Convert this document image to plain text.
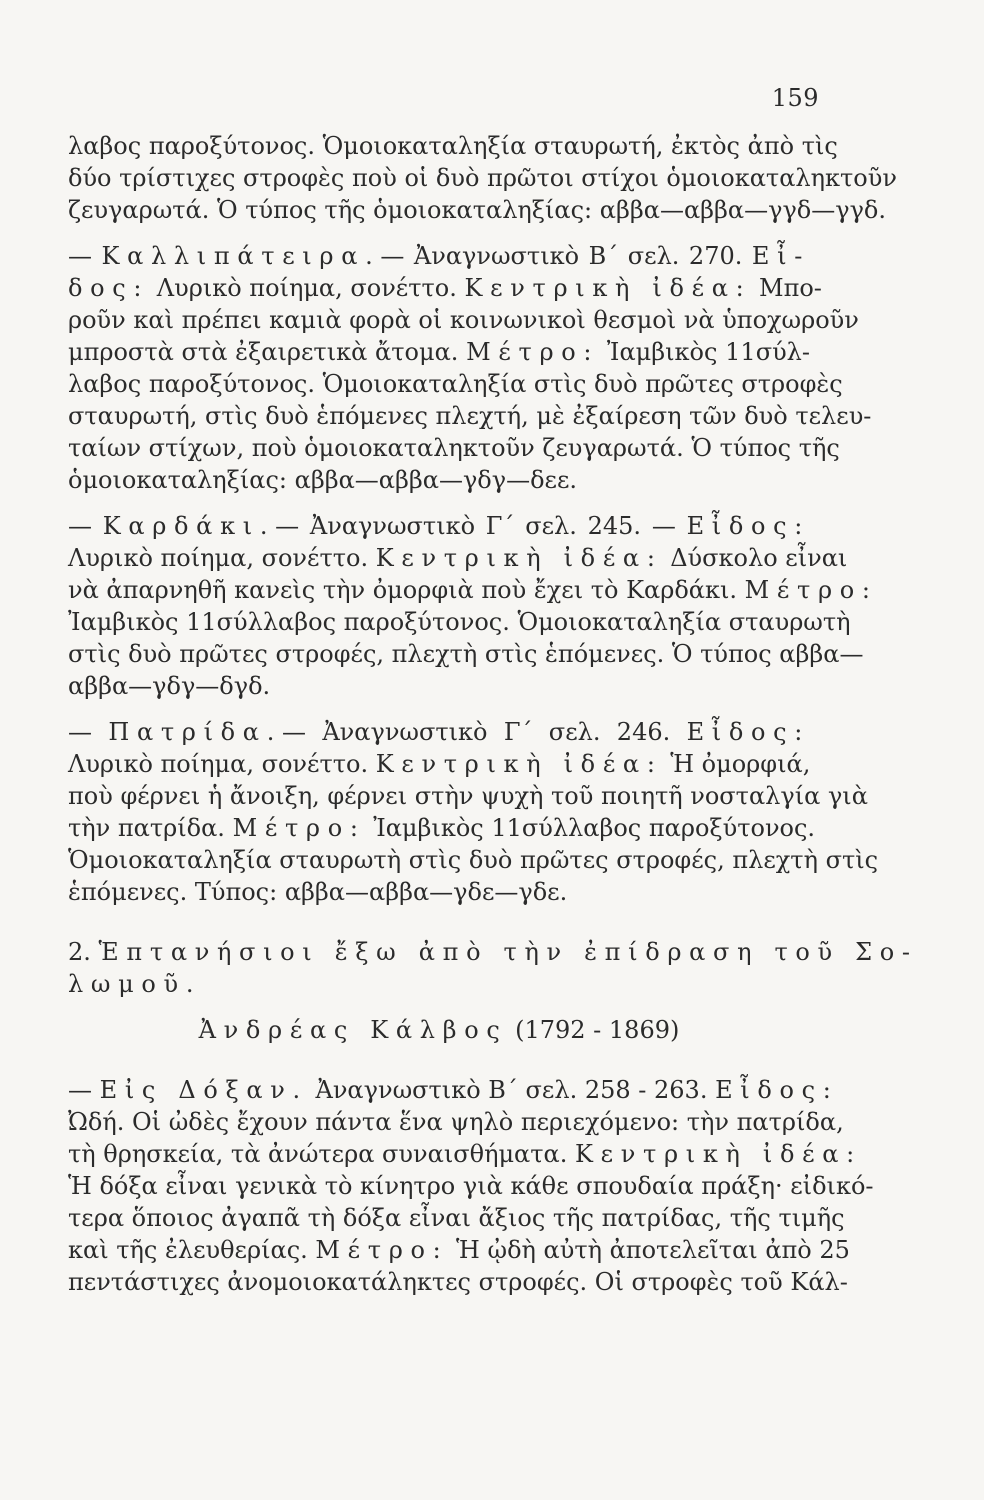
159
λαβος παροξύτονος. Ὁμοιοκαταληξία σταυρωτή, ἐκτὸς ἀπὸ τὶς
δύο τρίστιχες στροφὲς ποὺ οἱ δυὸ πρῶτοι στίχοι ὁμοιοκαταληκτοῦν
ζευγαρωτά. Ὁ τύπος τῆς ὁμοιοκαταληξίας: αββα—αββα—γγδ—γγδ.
— Καλλιπάτειρα.— Ἀναγνωστικὸ Β΄ σελ. 270. Εἶ-
δος: Λυρικὸ ποίημα, σονέττο. Κεντρικὴ ἰδέα: Μπο-
ροῦν καὶ πρέπει καμιὰ φορὰ οἱ κοινωνικοὶ θεσμοὶ νὰ ὑποχωροῦν
μπροστὰ στὰ ἐξαιρετικὰ ἄτομα. Μέτρο: Ἰαμβικὸς 11σύλ-
λαβος παροξύτονος. Ὁμοιοκαταληξία στὶς δυὸ πρῶτες στροφὲς
σταυρωτή, στὶς δυὸ ἑπόμενες πλεχτή, μὲ ἐξαίρεση τῶν δυὸ τελευ-
ταίων στίχων, ποὺ ὁμοιοκαταληκτοῦν ζευγαρωτά. Ὁ τύπος τῆς
ὁμοιοκαταληξίας: αββα—αββα—γδγ—δεε.
— Καρδάκι.— Ἀναγνωστικὸ Γ΄ σελ. 245. — Εἶδος:
Λυρικὸ ποίημα, σονέττο. Κεντρικὴ ἰδέα: Δύσκολο εἶναι
νὰ ἀπαρνηθῆ κανεὶς τὴν ὀμορφιὰ ποὺ ἔχει τὸ Καρδάκι. Μέτρο:
Ἰαμβικὸς 11σύλλαβος παροξύτονος. Ὁμοιοκαταληξία σταυρωτὴ
στὶς δυὸ πρῶτες στροφές, πλεχτὴ στὶς ἑπόμενες. Ὁ τύπος αββα—
αββα—γδγ—δγδ.
— Πατρίδα.— Ἀναγνωστικὸ Γ΄ σελ. 246. Εἶδος:
Λυρικὸ ποίημα, σονέττο. Κεντρικὴ ἰδέα: Ἡ ὀμορφιά,
ποὺ φέρνει ἡ ἄνοιξη, φέρνει στὴν ψυχὴ τοῦ ποιητῆ νοσταλγία γιὰ
τὴν πατρίδα. Μέτρο: Ἰαμβικὸς 11σύλλαβος παροξύτονος.
Ὁμοιοκαταληξία σταυρωτὴ στὶς δυὸ πρῶτες στροφές, πλεχτὴ στὶς
ἑπόμενες. Τύπος: αββα—αββα—γδε—γδε.
2. Ἑπτανήσιοι ἔξω ἀπὸ τὴν ἐπίδραση τοῦ Σο-
λωμοῦ.
Ἀνδρέας Κάλβος (1792 - 1869)
— Εἰς Δόξαν. Ἀναγνωστικὸ Β΄ σελ. 258 - 263. Εἶδος:
Ὠδή. Οἱ ὠδὲς ἔχουν πάντα ἕνα ψηλὸ περιεχόμενο: τὴν πατρίδα,
τὴ θρησκεία, τὰ ἀνώτερα συναισθήματα. Κεντρικὴ ἰδέα:
Ἡ δόξα εἶναι γενικὰ τὸ κίνητρο γιὰ κάθε σπουδαία πράξη· εἰδικό-
τερα ὅποιος ἀγαπᾶ τὴ δόξα εἶναι ἄξιος τῆς πατρίδας, τῆς τιμῆς
καὶ τῆς ἐλευθερίας. Μέτρο: Ἡ ᾠδὴ αὐτὴ ἀποτελεῖται ἀπὸ 25
πεντάστιχες ἀνομοιοκατάληκτες στροφές. Οἱ στροφὲς τοῦ Κάλ-
